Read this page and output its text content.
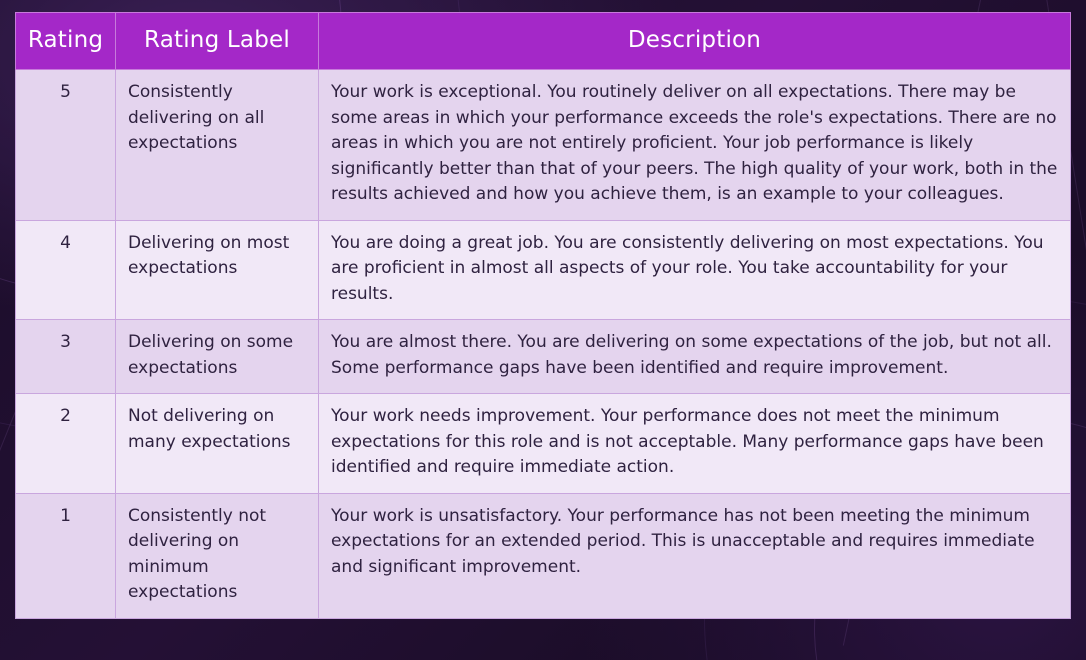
Rating	Rating Label	Description
5	Consistently delivering on all expectations	Your work is exceptional. You routinely deliver on all expectations. There may be some areas in which your performance exceeds the role's expectations. There are no areas in which you are not entirely proficient. Your job performance is likely significantly better than that of your peers. The high quality of your work, both in the results achieved and how you achieve them, is an example to your colleagues.
4	Delivering on most expectations	You are doing a great job. You are consistently delivering on most expectations. You are proficient in almost all aspects of your role. You take accountability for your results.
3	Delivering on some expectations	You are almost there. You are delivering on some expectations of the job, but not all. Some performance gaps have been identified and require improvement.
2	Not delivering on many expectations	Your work needs improvement. Your performance does not meet the minimum expectations for this role and is not acceptable. Many performance gaps have been identified and require immediate action.
1	Consistently not delivering on minimum expectations	Your work is unsatisfactory. Your performance has not been meeting the minimum expectations for an extended period. This is unacceptable and requires immediate and significant improvement.
